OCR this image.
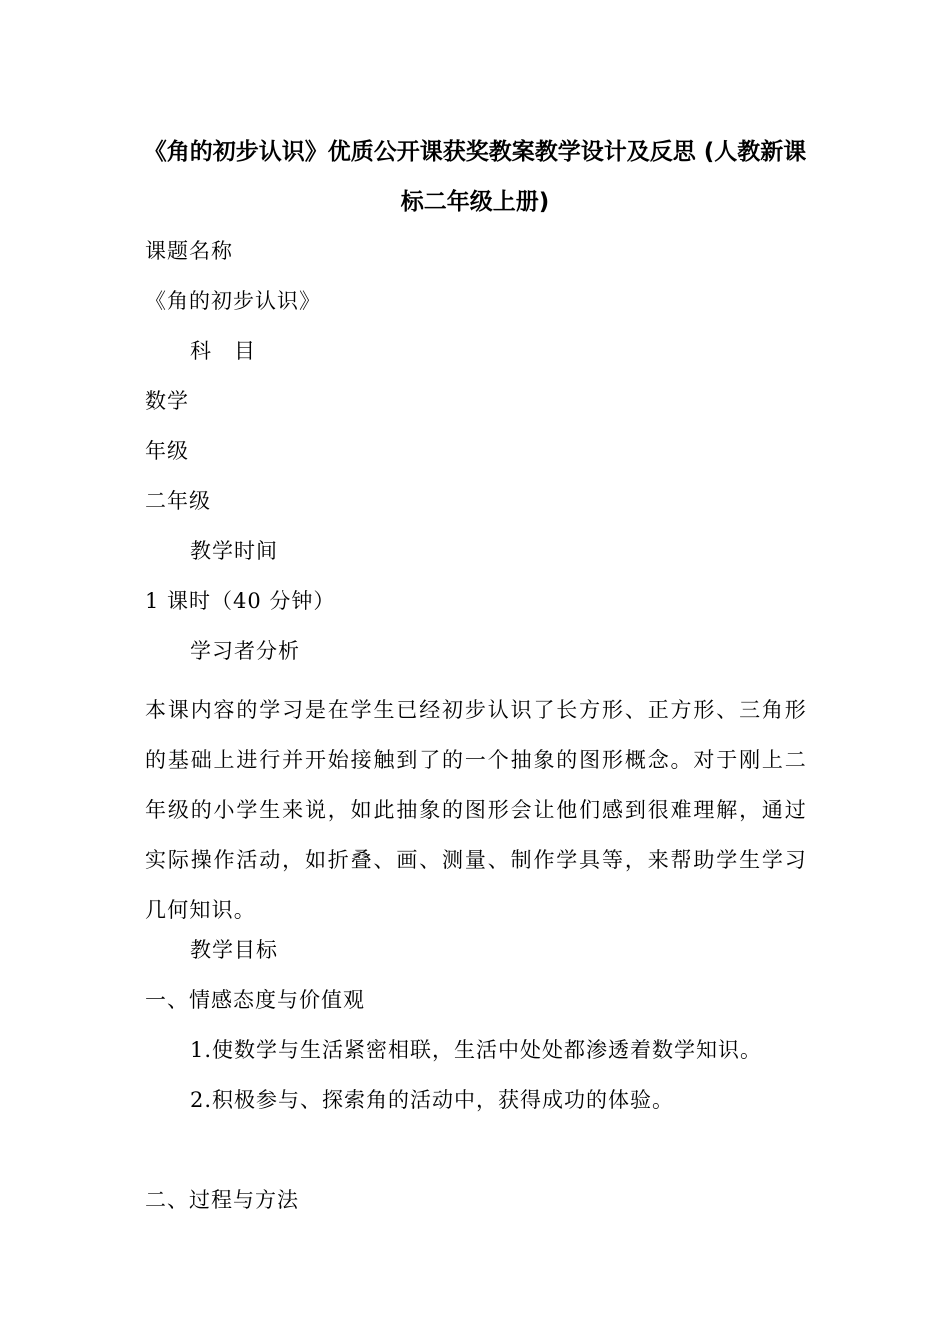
《角的初步认识》优质公开课获奖教案教学设计及反思 (人教新课
标二年级上册)
课题名称
《角的初步认识》
科　目
数学
年级
二年级
教学时间
1 课时（40 分钟）
学习者分析
本课内容的学习是在学生已经初步认识了长方形、正方形、三角形的基础上进行并开始接触到了的一个抽象的图形概念。对于刚上二年级的小学生来说，如此抽象的图形会让他们感到很难理解，通过实际操作活动，如折叠、画、测量、制作学具等，来帮助学生学习几何知识。
教学目标
一、情感态度与价值观
1.使数学与生活紧密相联，生活中处处都渗透着数学知识。
2.积极参与、探索角的活动中，获得成功的体验。
二、过程与方法
